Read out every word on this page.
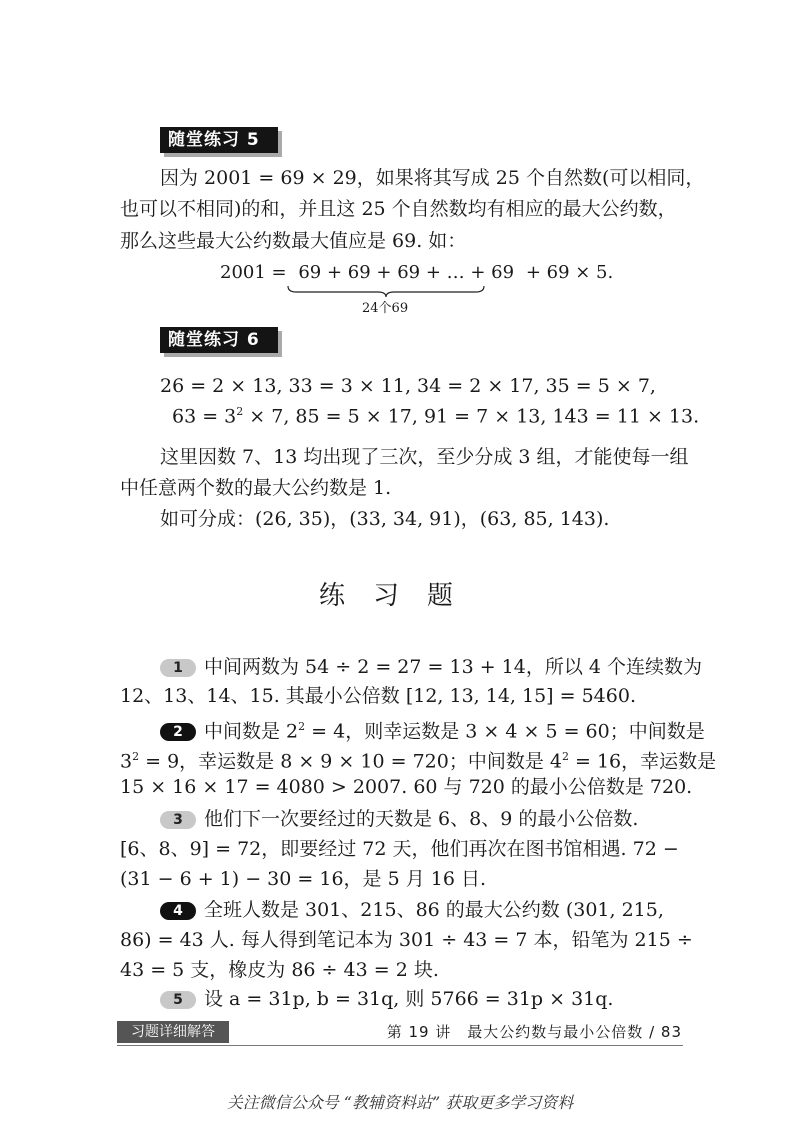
随堂练习 5
因为 2001 = 69 × 29，如果将其写成 25 个自然数(可以相同，
也可以不相同)的和，并且这 25 个自然数均有相应的最大公约数，
那么这些最大公约数最大值应是 69. 如：
2001 = 69 + 69 + 69 + … + 69 + 69 × 5.
24个69
随堂练习 6
26 = 2 × 13, 33 = 3 × 11, 34 = 2 × 17, 35 = 5 × 7,
$63 = 3^2 \times 7$, 85 = 5 × 17, 91 = 7 × 13, 143 = 11 × 13.
这里因数 7、13 均出现了三次，至少分成 3 组，才能使每一组
中任意两个数的最大公约数是 1.
如可分成：(26, 35)，(33, 34, 91)，(63, 85, 143).
练习题
1 中间两数为 54 ÷ 2 = 27 = 13 + 14，所以 4 个连续数为
12、13、14、15. 其最小公倍数 [12, 13, 14, 15] = 5460.
2 中间数是 $2^2 = 4$，则幸运数是 3 × 4 × 5 = 60；中间数是
$3^2 = 9$，幸运数是 8 × 9 × 10 = 720；中间数是 $4^2 = 16$，幸运数是
15 × 16 × 17 = 4080 > 2007. 60 与 720 的最小公倍数是 720.
3 他们下一次要经过的天数是 6、8、9 的最小公倍数.
[6、8、9] = 72，即要经过 72 天，他们再次在图书馆相遇. 72 −
(31 − 6 + 1) − 30 = 16，是 5 月 16 日.
4 全班人数是 301、215、86 的最大公约数 (301, 215,
86) = 43 人. 每人得到笔记本为 301 ÷ 43 = 7 本，铅笔为 215 ÷
43 = 5 支，橡皮为 86 ÷ 43 = 2 块.
5 设 a = 31p, b = 31q, 则 5766 = 31p × 31q.
习题详细解答	第 19 讲　最大公约数与最小公倍数 / 83
关注微信公众号 “教辅资料站” 获取更多学习资料
